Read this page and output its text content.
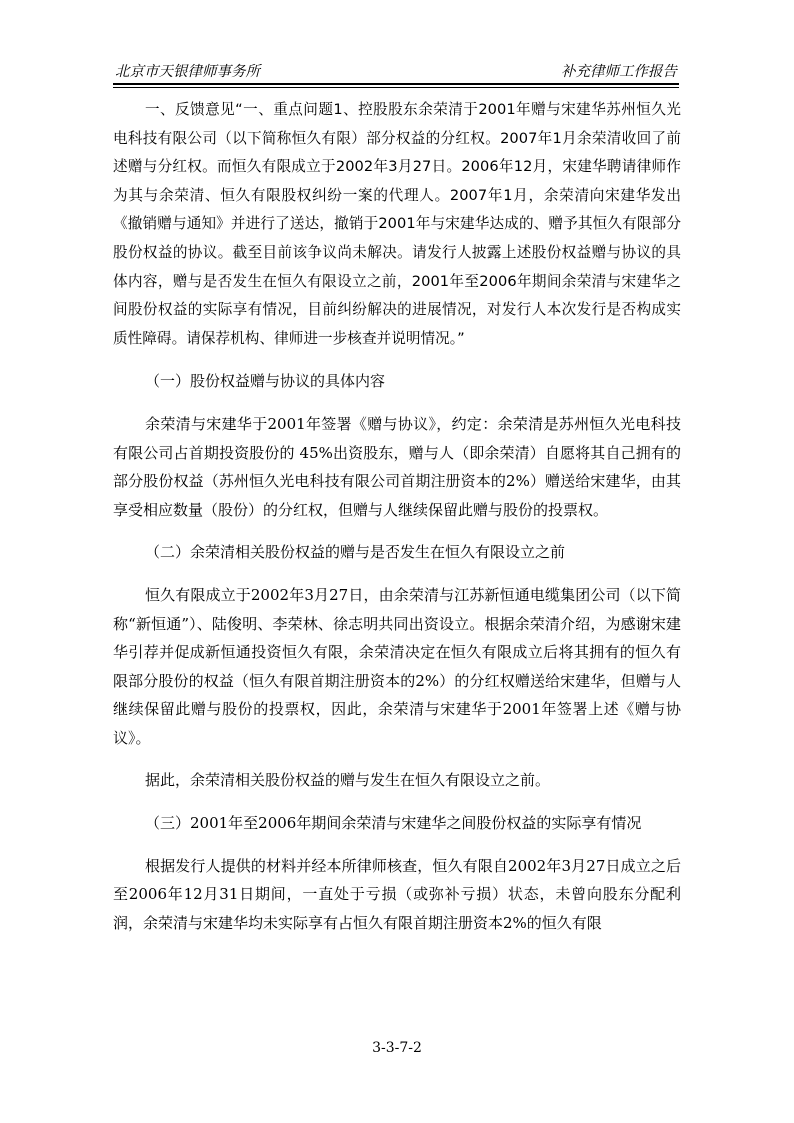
北京市天银律师事务所	补充律师工作报告

一、反馈意见“一、重点问题1、控股股东余荣清于2001年赠与宋建华苏州恒久光电科技有限公司（以下简称恒久有限）部分权益的分红权。2007年1月余荣清收回了前述赠与分红权。而恒久有限成立于2002年3月27日。2006年12月，宋建华聘请律师作为其与余荣清、恒久有限股权纠纷一案的代理人。2007年1月，余荣清向宋建华发出《撤销赠与通知》并进行了送达，撤销于2001年与宋建华达成的、赠予其恒久有限部分股份权益的协议。截至目前该争议尚未解决。请发行人披露上述股份权益赠与协议的具体内容，赠与是否发生在恒久有限设立之前，2001年至2006年期间余荣清与宋建华之间股份权益的实际享有情况，目前纠纷解决的进展情况，对发行人本次发行是否构成实质性障碍。请保荐机构、律师进一步核查并说明情况。”

（一）股份权益赠与协议的具体内容

余荣清与宋建华于2001年签署《赠与协议》，约定：余荣清是苏州恒久光电科技有限公司占首期投资股份的 45%出资股东，赠与人（即余荣清）自愿将其自己拥有的部分股份权益（苏州恒久光电科技有限公司首期注册资本的2%）赠送给宋建华，由其享受相应数量（股份）的分红权，但赠与人继续保留此赠与股份的投票权。

（二）余荣清相关股份权益的赠与是否发生在恒久有限设立之前

恒久有限成立于2002年3月27日，由余荣清与江苏新恒通电缆集团公司（以下简称“新恒通”）、陆俊明、李荣林、徐志明共同出资设立。根据余荣清介绍，为感谢宋建华引荐并促成新恒通投资恒久有限，余荣清决定在恒久有限成立后将其拥有的恒久有限部分股份的权益（恒久有限首期注册资本的2%）的分红权赠送给宋建华，但赠与人继续保留此赠与股份的投票权，因此，余荣清与宋建华于2001年签署上述《赠与协议》。

据此，余荣清相关股份权益的赠与发生在恒久有限设立之前。

（三）2001年至2006年期间余荣清与宋建华之间股份权益的实际享有情况

根据发行人提供的材料并经本所律师核查，恒久有限自2002年3月27日成立之后至2006年12月31日期间，一直处于亏损（或弥补亏损）状态，未曾向股东分配利润，余荣清与宋建华均未实际享有占恒久有限首期注册资本2%的恒久有限

3-3-7-2
